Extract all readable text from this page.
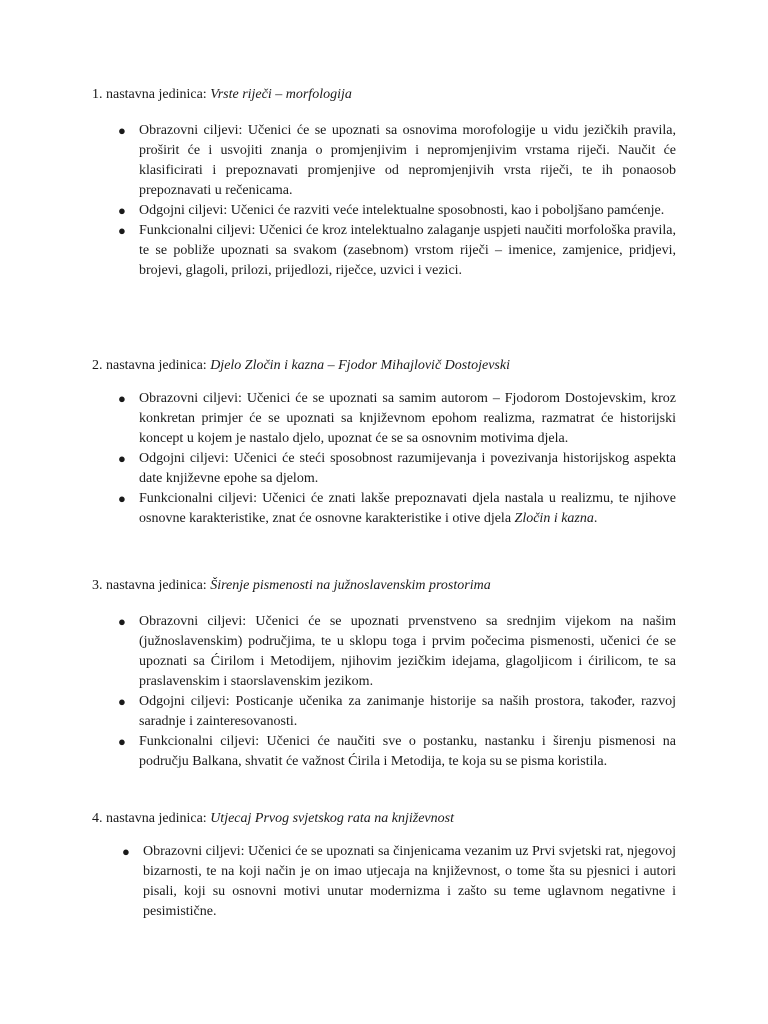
1. nastavna jedinica: Vrste riječi – morfologija
● Obrazovni ciljevi: Učenici će se upoznati sa osnovima morofologije u vidu jezičkih pravila, proširit će i usvojiti znanja o promjenjivim i nepromjenjivim vrstama riječi. Naučit će klasificirati i prepoznavati promjenjive od nepromjenjivih vrsta riječi, te ih ponaosob prepoznavati u rečenicama.
● Odgojni ciljevi: Učenici će razviti veće intelektualne sposobnosti, kao i poboljšano pamćenje.
● Funkcionalni ciljevi: Učenici će kroz intelektualno zalaganje uspjeti naučiti morfološka pravila, te se pobliže upoznati sa svakom (zasebnom) vrstom riječi – imenice, zamjenice, pridjevi, brojevi, glagoli, prilozi, prijedlozi, riječce, uzvici i vezici.
2. nastavna jedinica: Djelo Zločin i kazna – Fjodor Mihajlovič Dostojevski
● Obrazovni ciljevi: Učenici će se upoznati sa samim autorom – Fjodorom Dostojevskim, kroz konkretan primjer će se upoznati sa književnom epohom realizma, razmatrat će historijski koncept u kojem je nastalo djelo, upoznat će se sa osnovnim motivima djela.
● Odgojni ciljevi: Učenici će steći sposobnost razumijevanja i povezivanja historijskog aspekta date književne epohe sa djelom.
● Funkcionalni ciljevi: Učenici će znati lakše prepoznavati djela nastala u realizmu, te njihove osnovne karakteristike, znat će osnovne karakteristike i otive djela Zločin i kazna.
3. nastavna jedinica: Širenje pismenosti na južnoslavenskim prostorima
● Obrazovni ciljevi: Učenici će se upoznati prvenstveno sa srednjim vijekom na našim (južnoslavenskim) područjima, te u sklopu toga i prvim počecima pismenosti, učenici će se upoznati sa Ćirilom i Metodijem, njihovim jezičkim idejama, glagoljicom i ćirilicom, te sa praslavenskim i staorslavenskim jezikom.
● Odgojni ciljevi: Posticanje učenika za zanimanje historije sa naših prostora, također, razvoj saradnje i zainteresovanosti.
● Funkcionalni ciljevi: Učenici će naučiti sve o postanku, nastanku i širenju pismenosi na području Balkana, shvatit će važnost Ćirila i Metodija, te koja su se pisma koristila.
4. nastavna jedinica: Utjecaj Prvog svjetskog rata na književnost
● Obrazovni ciljevi: Učenici će se upoznati sa činjenicama vezanim uz Prvi svjetski rat, njegovoj bizarnosti, te na koji način je on imao utjecaja na književnost, o tome šta su pjesnici i autori pisali, koji su osnovni motivi unutar modernizma i zašto su teme uglavnom negativne i pesimistične.
